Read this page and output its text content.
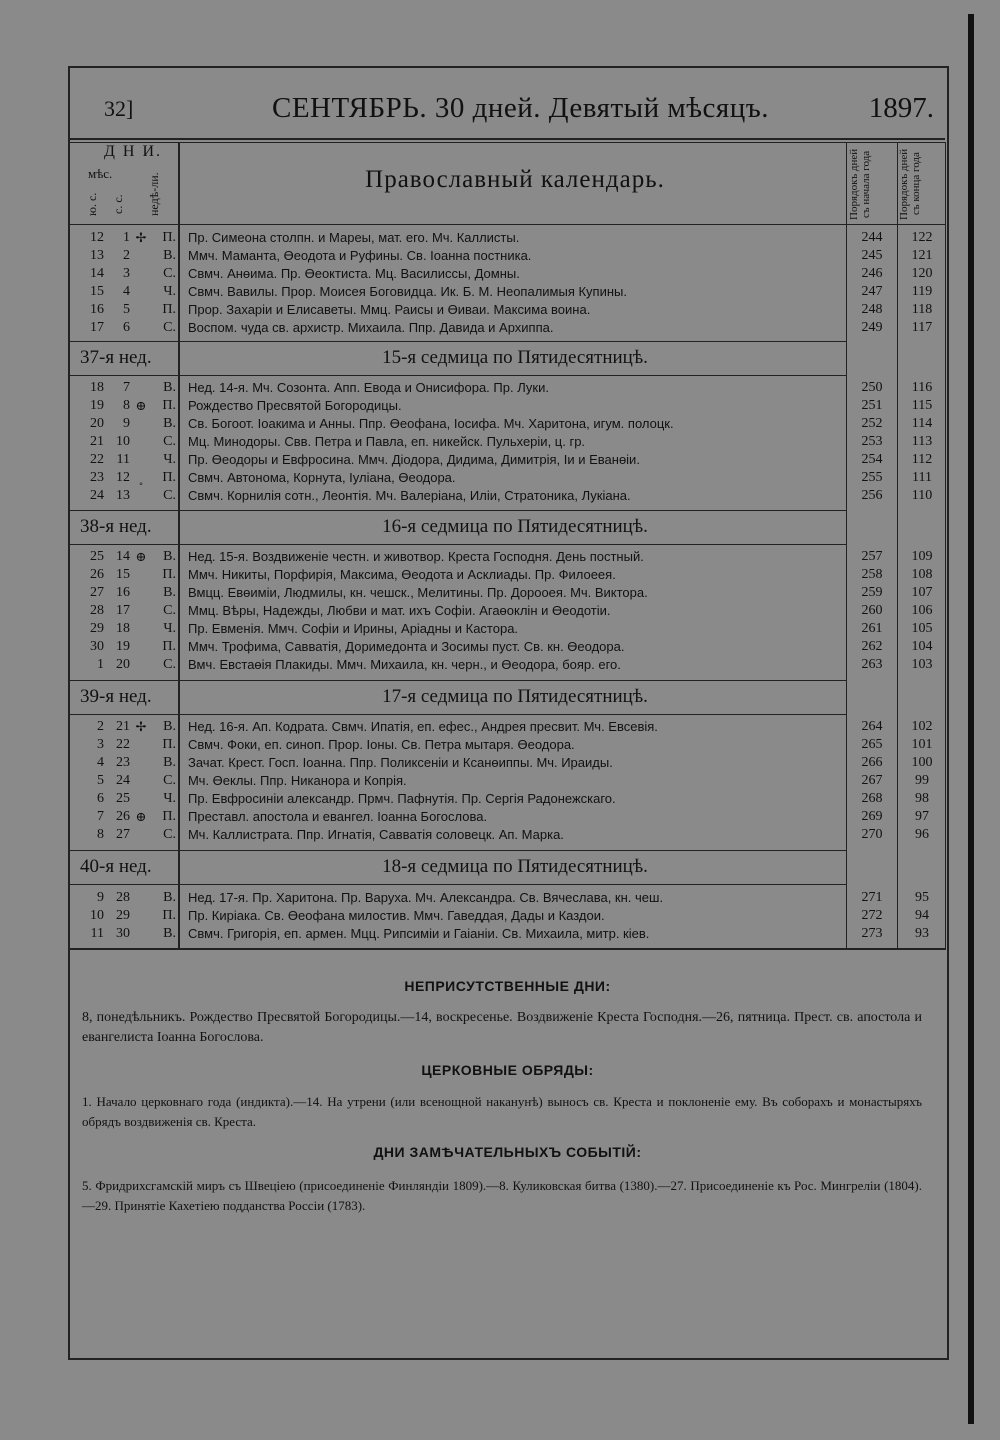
32]	СЕНТЯБРЬ. 30 дней. Девятый мѣсяцъ.	1897.
Д Н И.
мѣс.
ю. с. с. с. недѣ-ли.	Православный календарь.	Порядокъ дней съ начала года	Порядокъ дней съ конца года
12	1 ✢	П. Пр. Симеона столпн. и Мареы, мат. его. Мч. Каллисты.	244	122
13	2	В. Ммч. Маманта, Өеодота и Руфины. Св. Іоанна постника.	245	121
14	3	С. Свмч. Анөима. Пр. Өеоктиста. Мц. Василиссы, Домны.	246	120
15	4	Ч. Свмч. Вавилы. Прор. Моисея Боговидца. Ик. Б. М. Неопалимыя Купины.	247	119
16	5	П. Прор. Захаріи и Елисаветы. Ммц. Раисы и Өиваи. Максима воина.	248	118
17	6	С. Воспом. чуда св. архистр. Михаила. Ппр. Давида и Архиппа.	249	117
37-я нед.	15-я седмица по Пятидесятницѣ.
18	7	В. Нед. 14-я. Мч. Созонта. Апп. Евода и Онисифора. Пр. Луки.	250	116
19	8 ⊕	П. Рождество Пресвятой Богородицы.	251	115
20	9	В. Св. Богоот. Іоакима и Анны. Ппр. Өеофана, Іосифа. Мч. Харитона, игум. полоцк.	252	114
21 10	С. Мц. Минодоры. Свв. Петра и Павла, еп. никейск. Пульхеріи, ц. гр.	253	113
22 11	Ч. Пр. Өеодоры и Евфросина. Ммч. Діодора, Дидима, Димитрія, Іи и Еванөіи.	254	112
23 12 ˳	П. Свмч. Автонома, Корнута, Іуліана, Өеодора.	255	111
24 13	С. Свмч. Корнилія сотн., Леонтія. Мч. Валеріана, Иліи, Стратоника, Лукіана.	256	110
38-я нед.	16-я седмица по Пятидесятницѣ.
25 14 ⊕	В. Нед. 15-я. Воздвиженіе честн. и животвор. Креста Господня. День постный.	257	109
26 15	П. Ммч. Никиты, Порфирія, Максима, Өеодота и Асклиады. Пр. Филоеея.	258	108
27 16	В. Вмцц. Евөиміи, Людмилы, кн. чешск., Мелитины. Пр. Дорооея. Мч. Виктора.	259	107
28 17	С. Ммц. Вѣры, Надежды, Любви и мат. ихъ Софіи. Агаөоклін и Өеодотіи.	260	106
29 18	Ч. Пр. Евменія. Ммч. Софіи и Ирины, Аріадны и Кастора.	261	105
30 19	П. Ммч. Трофима, Савватія, Доримедонта и Зосимы пуст. Св. кн. Өеодора.	262	104
1 20	С. Вмч. Евстаөія Плакиды. Ммч. Михаила, кн. черн., и Өеодора, бояр. его.	263	103
39-я нед.	17-я седмица по Пятидесятницѣ.
2 21 ✢	В. Нед. 16-я. Ап. Кодрата. Свмч. Ипатія, еп. ефес., Андрея пресвит. Мч. Евсевія.	264	102
3 22	П. Свмч. Фоки, еп. синоп. Прор. Іоны. Св. Петра мытаря. Өеодора.	265	101
4 23	В. Зачат. Крест. Госп. Іоанна. Ппр. Поликсеніи и Ксанөиппы. Мч. Ираиды.	266	100
5 24	С. Мч. Өеклы. Ппр. Никанора и Копрія.	267	99
6 25	Ч. Пр. Евфросиніи александр. Прмч. Пафнутія. Пр. Сергія Радонежскаго.	268	98
7 26 ⊕	П. Преставл. апостола и евангел. Іоанна Богослова.	269	97
8 27	С. Мч. Каллистрата. Ппр. Игнатія, Савватія соловецк. Ап. Марка.	270	96
40-я нед.	18-я седмица по Пятидесятницѣ.
9 28	В. Нед. 17-я. Пр. Харитона. Пр. Варуха. Мч. Александра. Св. Вячеслава, кн. чеш.	271	95
10 29	П. Пр. Киріака. Св. Өеофана милостив. Ммч. Гаведдая, Дады и Каздои.	272	94
11 30	В. Свмч. Григорія, еп. армен. Мцц. Рипсиміи и Гаіаніи. Св. Михаила, митр. кіев.	273	93
НЕПРИСУТСТВЕННЫЕ ДНИ:
8, понедѣльникъ. Рождество Пресвятой Богородицы.—14, воскресенье. Воздвиженіе Креста Господня.—26, пятница. Прест. св. апостола и евангелиста Іоанна Богослова.
ЦЕРКОВНЫЕ ОБРЯДЫ:
1. Начало церковнаго года (индикта).—14. На утрени (или всенощной наканунѣ) выносъ св. Креста и поклоненіе ему. Въ соборахъ и монастыряхъ обрядъ воздвиженія св. Креста.
ДНИ ЗАМѢЧАТЕЛЬНЫХЪ СОБЫТІЙ:
5. Фридрихсгамскій миръ съ Швеціею (присоединеніе Финляндіи 1809).—8. Куликовская битва (1380).—27. Присоединеніе къ Рос. Мингреліи (1804).—29. Принятіе Кахетіею подданства Россіи (1783).
